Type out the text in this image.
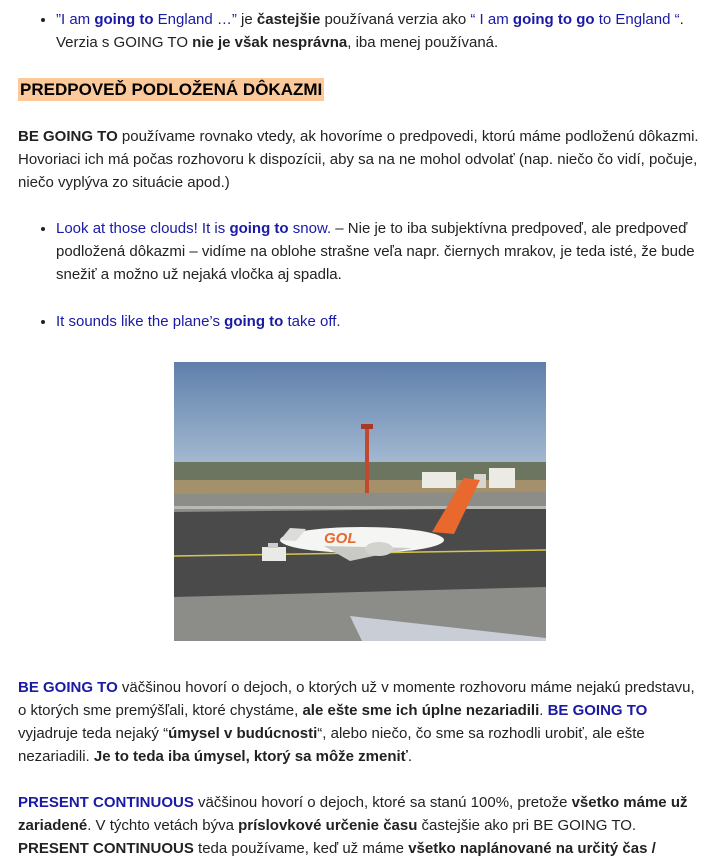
• ”I am going to England …” je častejšie používaná verzia ako “ I am going to go to England “. Verzia s GOING TO nie je však nesprávna, iba menej používaná.
PREDPOVEĎ PODLOŽENÁ DÔKAZMI

BE GOING TO používame rovnako vtedy, ak hovoríme o predpovedi, ktorú máme podloženú dôkazmi. Hovoriaci ich má počas rozhovoru k dispozícii, aby sa na ne mohol odvolať (nap. niečo čo vidí, počuje, niečo vyplýva zo situácie apod.)

• Look at those clouds! It is going to snow. – Nie je to iba subjektívna predpoveď, ale predpoveď podložená dôkazmi – vidíme na oblohe strašne veľa napr. čiernych mrakov, je teda isté, že bude snežiť a možno už nejaká vločka aj spadla.
• It sounds like the plane’s going to take off.
GOL

BE GOING TO väčšinou hovorí o dejoch, o ktorých už v momente rozhovoru máme nejakú predstavu, o ktorých sme premýšľali, ktoré chystáme, ale ešte sme ich úplne nezariadili. BE GOING TO vyjadruje teda nejaký “úmysel v budúcnosti“, alebo niečo, čo sme sa rozhodli urobiť, ale ešte nezariadili. Je to teda iba úmysel, ktorý sa môže zmeniť.

PRESENT CONTINUOUS väčšinou hovorí o dejoch, ktoré sa stanú 100%, pretože všetko máme už zariadené. V týchto vetách býva príslovkové určenie času častejšie ako pri BE GOING TO. PRESENT CONTINUOUS teda používame, keď už máme všetko naplánované na určitý čas /
